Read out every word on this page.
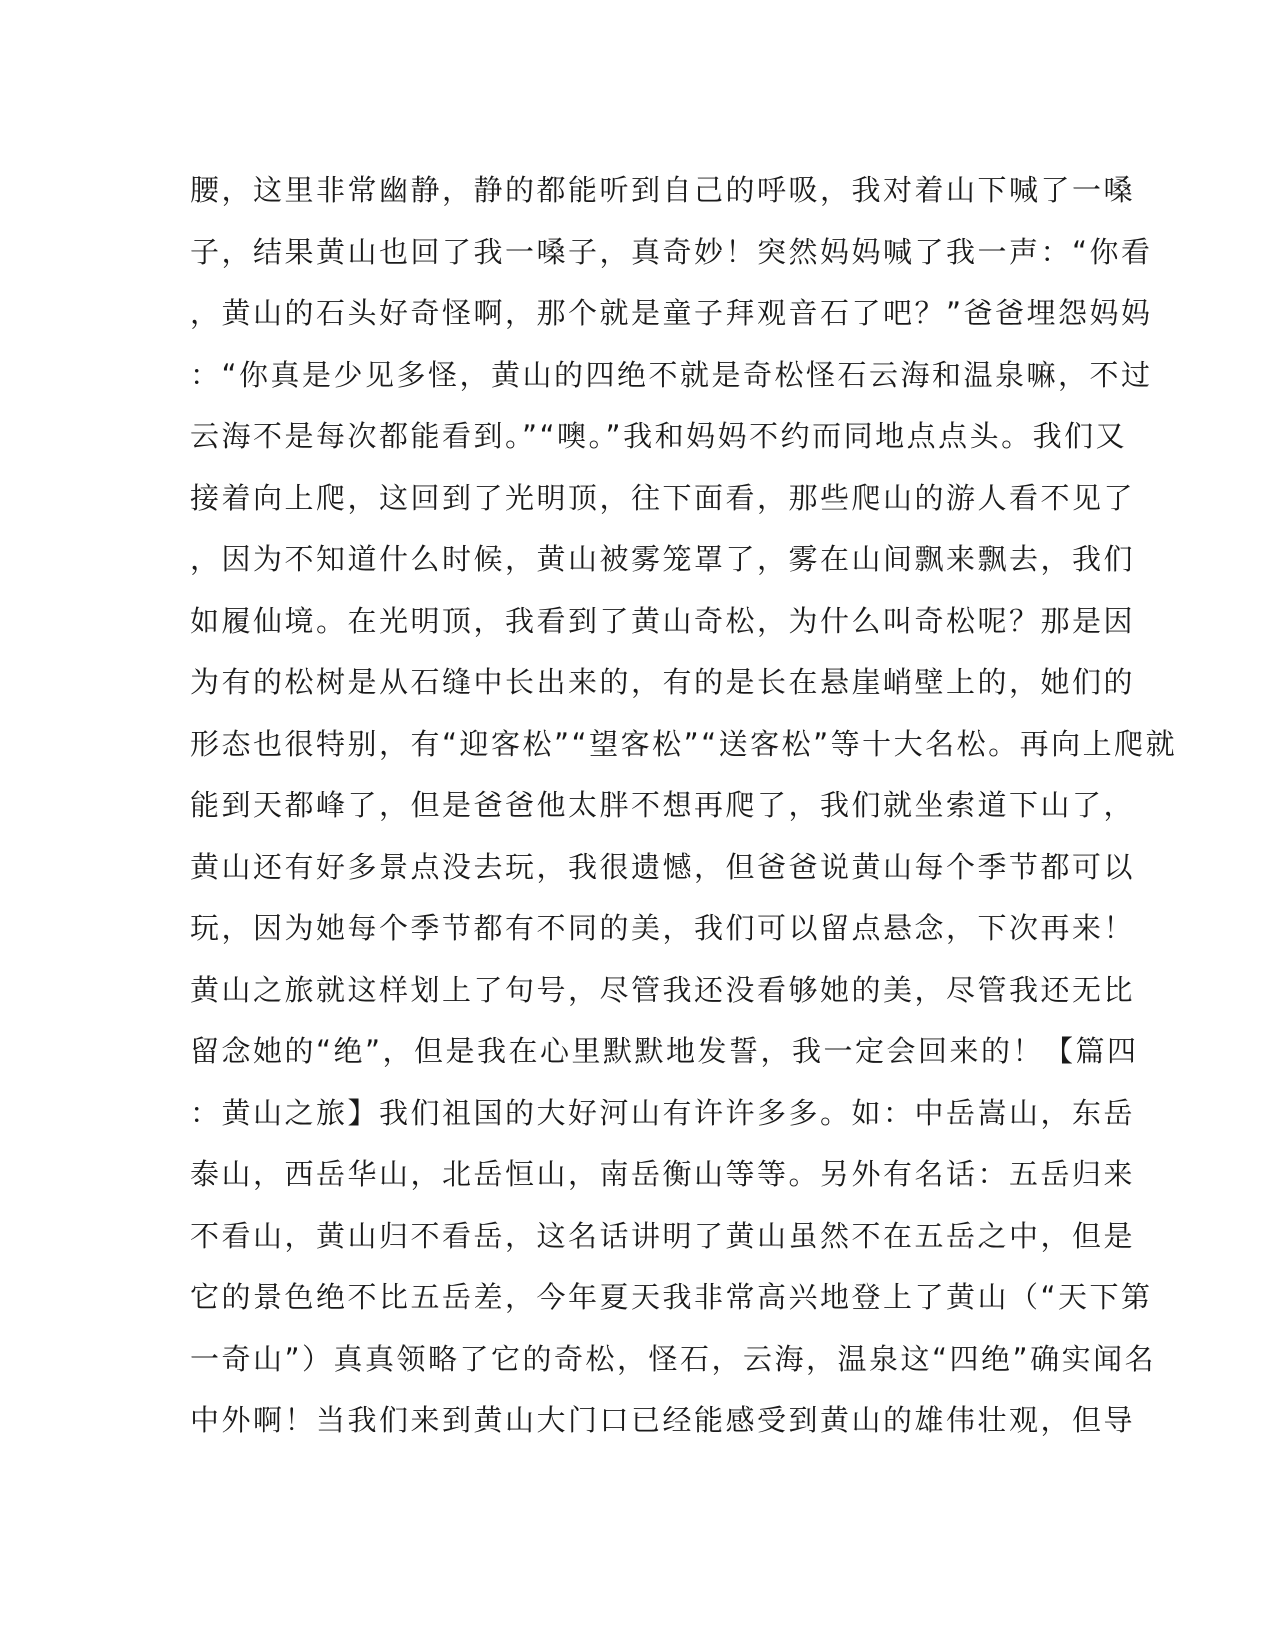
腰，这里非常幽静，静的都能听到自己的呼吸，我对着山下喊了一嗓
子，结果黄山也回了我一嗓子，真奇妙！突然妈妈喊了我一声：“你看
，黄山的石头好奇怪啊，那个就是童子拜观音石了吧？”爸爸埋怨妈妈
：“你真是少见多怪，黄山的四绝不就是奇松怪石云海和温泉嘛，不过
云海不是每次都能看到。”“噢。”我和妈妈不约而同地点点头。我们又
接着向上爬，这回到了光明顶，往下面看，那些爬山的游人看不见了
，因为不知道什么时候，黄山被雾笼罩了，雾在山间飘来飘去，我们
如履仙境。在光明顶，我看到了黄山奇松，为什么叫奇松呢？那是因
为有的松树是从石缝中长出来的，有的是长在悬崖峭壁上的，她们的
形态也很特别，有“迎客松”“望客松”“送客松”等十大名松。再向上爬就
能到天都峰了，但是爸爸他太胖不想再爬了，我们就坐索道下山了，
黄山还有好多景点没去玩，我很遗憾，但爸爸说黄山每个季节都可以
玩，因为她每个季节都有不同的美，我们可以留点悬念，下次再来！
黄山之旅就这样划上了句号，尽管我还没看够她的美，尽管我还无比
留念她的“绝”，但是我在心里默默地发誓，我一定会回来的！【篇四
：黄山之旅】我们祖国的大好河山有许许多多。如：中岳嵩山，东岳
泰山，西岳华山，北岳恒山，南岳衡山等等。另外有名话：五岳归来
不看山，黄山归不看岳，这名话讲明了黄山虽然不在五岳之中，但是
它的景色绝不比五岳差，今年夏天我非常高兴地登上了黄山（“天下第
一奇山”）真真领略了它的奇松，怪石，云海，温泉这“四绝”确实闻名
中外啊！当我们来到黄山大门口已经能感受到黄山的雄伟壮观，但导
